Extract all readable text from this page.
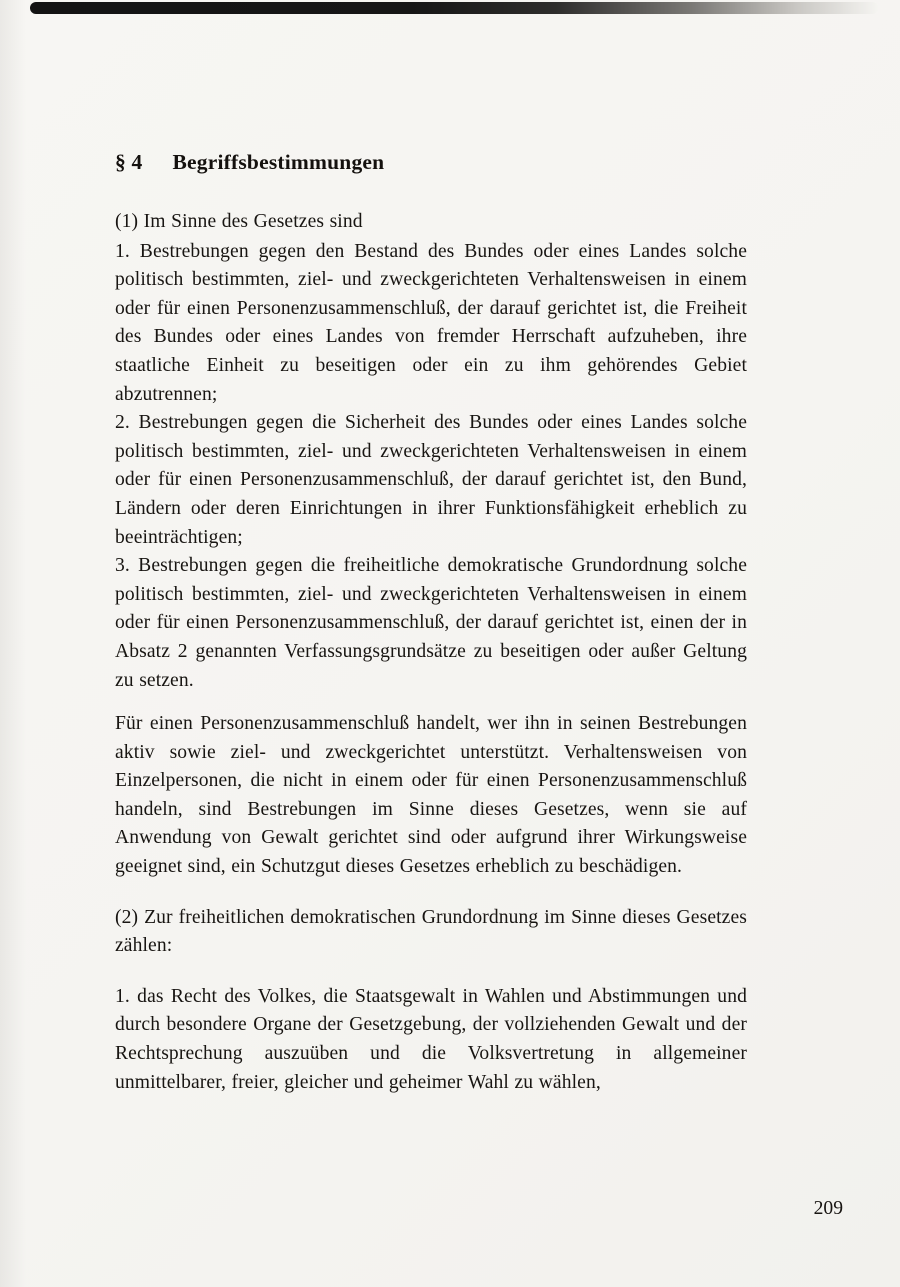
§ 4 Begriffsbestimmungen

(1) Im Sinne des Gesetzes sind

1. Bestrebungen gegen den Bestand des Bundes oder eines Landes solche politisch bestimmten, ziel- und zweckgerichteten Verhaltensweisen in einem oder für einen Personenzusammenschluß, der darauf gerichtet ist, die Freiheit des Bundes oder eines Landes von fremder Herrschaft aufzuheben, ihre staatliche Einheit zu beseitigen oder ein zu ihm gehörendes Gebiet abzutrennen;

2. Bestrebungen gegen die Sicherheit des Bundes oder eines Landes solche politisch bestimmten, ziel- und zweckgerichteten Verhaltensweisen in einem oder für einen Personenzusammenschluß, der darauf gerichtet ist, den Bund, Ländern oder deren Einrichtungen in ihrer Funktionsfähigkeit erheblich zu beeinträchtigen;

3. Bestrebungen gegen die freiheitliche demokratische Grundordnung solche politisch bestimmten, ziel- und zweckgerichteten Verhaltensweisen in einem oder für einen Personenzusammenschluß, der darauf gerichtet ist, einen der in Absatz 2 genannten Verfassungsgrundsätze zu beseitigen oder außer Geltung zu setzen.

Für einen Personenzusammenschluß handelt, wer ihn in seinen Bestrebungen aktiv sowie ziel- und zweckgerichtet unterstützt. Verhaltensweisen von Einzelpersonen, die nicht in einem oder für einen Personenzusammenschluß handeln, sind Bestrebungen im Sinne dieses Gesetzes, wenn sie auf Anwendung von Gewalt gerichtet sind oder aufgrund ihrer Wirkungsweise geeignet sind, ein Schutzgut dieses Gesetzes erheblich zu beschädigen.

(2) Zur freiheitlichen demokratischen Grundordnung im Sinne dieses Gesetzes zählen:

1. das Recht des Volkes, die Staatsgewalt in Wahlen und Abstimmungen und durch besondere Organe der Gesetzgebung, der vollziehenden Gewalt und der Rechtsprechung auszuüben und die Volksvertretung in allgemeiner unmittelbarer, freier, gleicher und geheimer Wahl zu wählen,

209
